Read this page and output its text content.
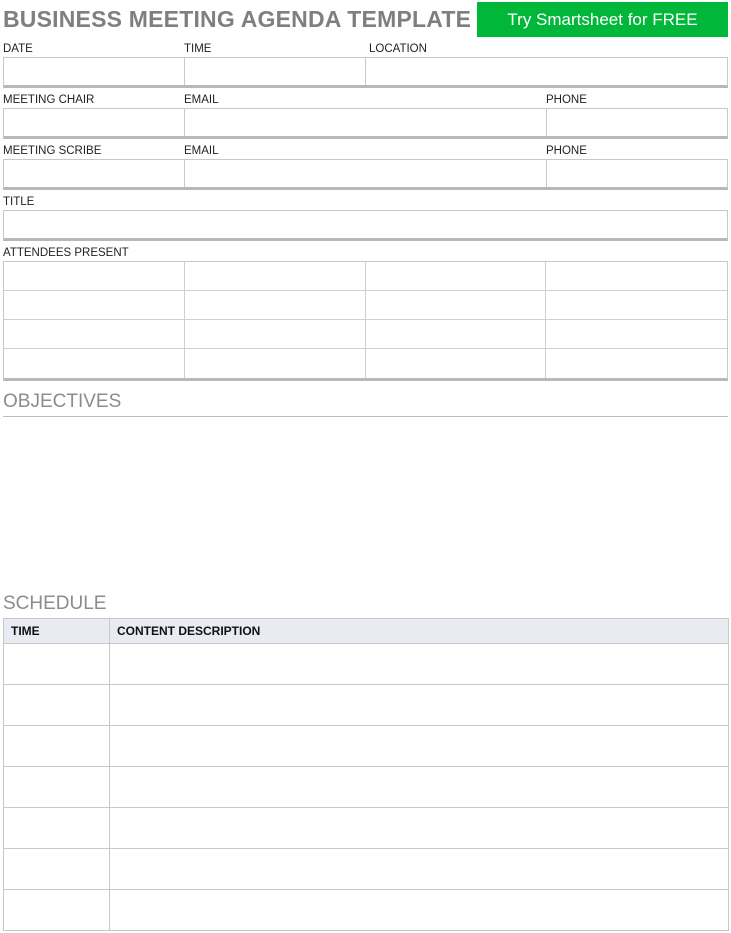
BUSINESS MEETING AGENDA TEMPLATE	Try Smartsheet for FREE
DATE	TIME	LOCATION
MEETING CHAIR	EMAIL	PHONE
MEETING SCRIBE	EMAIL	PHONE
TITLE
ATTENDEES PRESENT
OBJECTIVES
SCHEDULE
TIME	CONTENT DESCRIPTION
